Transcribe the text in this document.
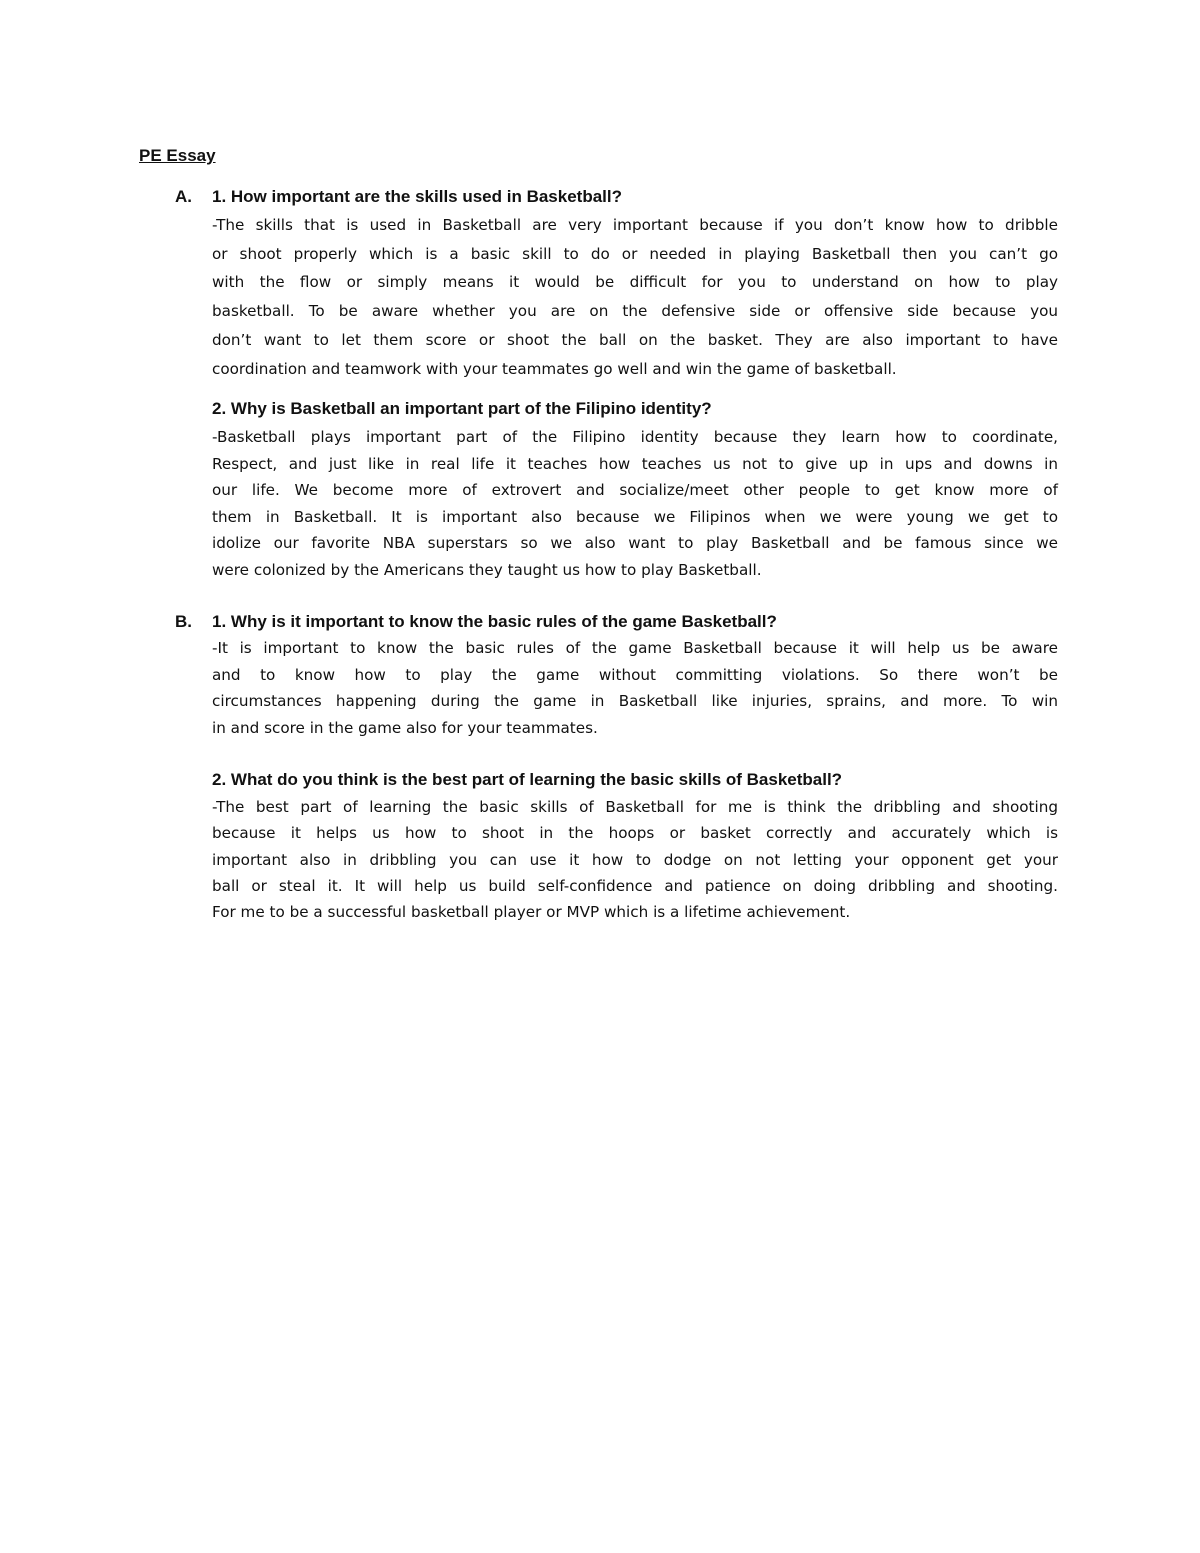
PE Essay
A. 1. How important are the skills used in Basketball?
-The skills that is used in Basketball are very important because if you don’t know how to dribble
or shoot properly which is a basic skill to do or needed in playing Basketball then you can’t go
with the flow or simply means it would be difficult for you to understand on how to play
basketball. To be aware whether you are on the defensive side or offensive side because you
don’t want to let them score or shoot the ball on the basket. They are also important to have
coordination and teamwork with your teammates go well and win the game of basketball.
2. Why is Basketball an important part of the Filipino identity?
-Basketball plays important part of the Filipino identity because they learn how to coordinate,
Respect, and just like in real life it teaches how teaches us not to give up in ups and downs in
our life. We become more of extrovert and socialize/meet other people to get know more of
them in Basketball. It is important also because we Filipinos when we were young we get to
idolize our favorite NBA superstars so we also want to play Basketball and be famous since we
were colonized by the Americans they taught us how to play Basketball.
B. 1. Why is it important to know the basic rules of the game Basketball?
-It is important to know the basic rules of the game Basketball because it will help us be aware
and to know how to play the game without committing violations. So there won’t be
circumstances happening during the game in Basketball like injuries, sprains, and more. To win
in and score in the game also for your teammates.
2. What do you think is the best part of learning the basic skills of Basketball?
-The best part of learning the basic skills of Basketball for me is think the dribbling and shooting
because it helps us how to shoot in the hoops or basket correctly and accurately which is
important also in dribbling you can use it how to dodge on not letting your opponent get your
ball or steal it. It will help us build self-confidence and patience on doing dribbling and shooting.
For me to be a successful basketball player or MVP which is a lifetime achievement.
